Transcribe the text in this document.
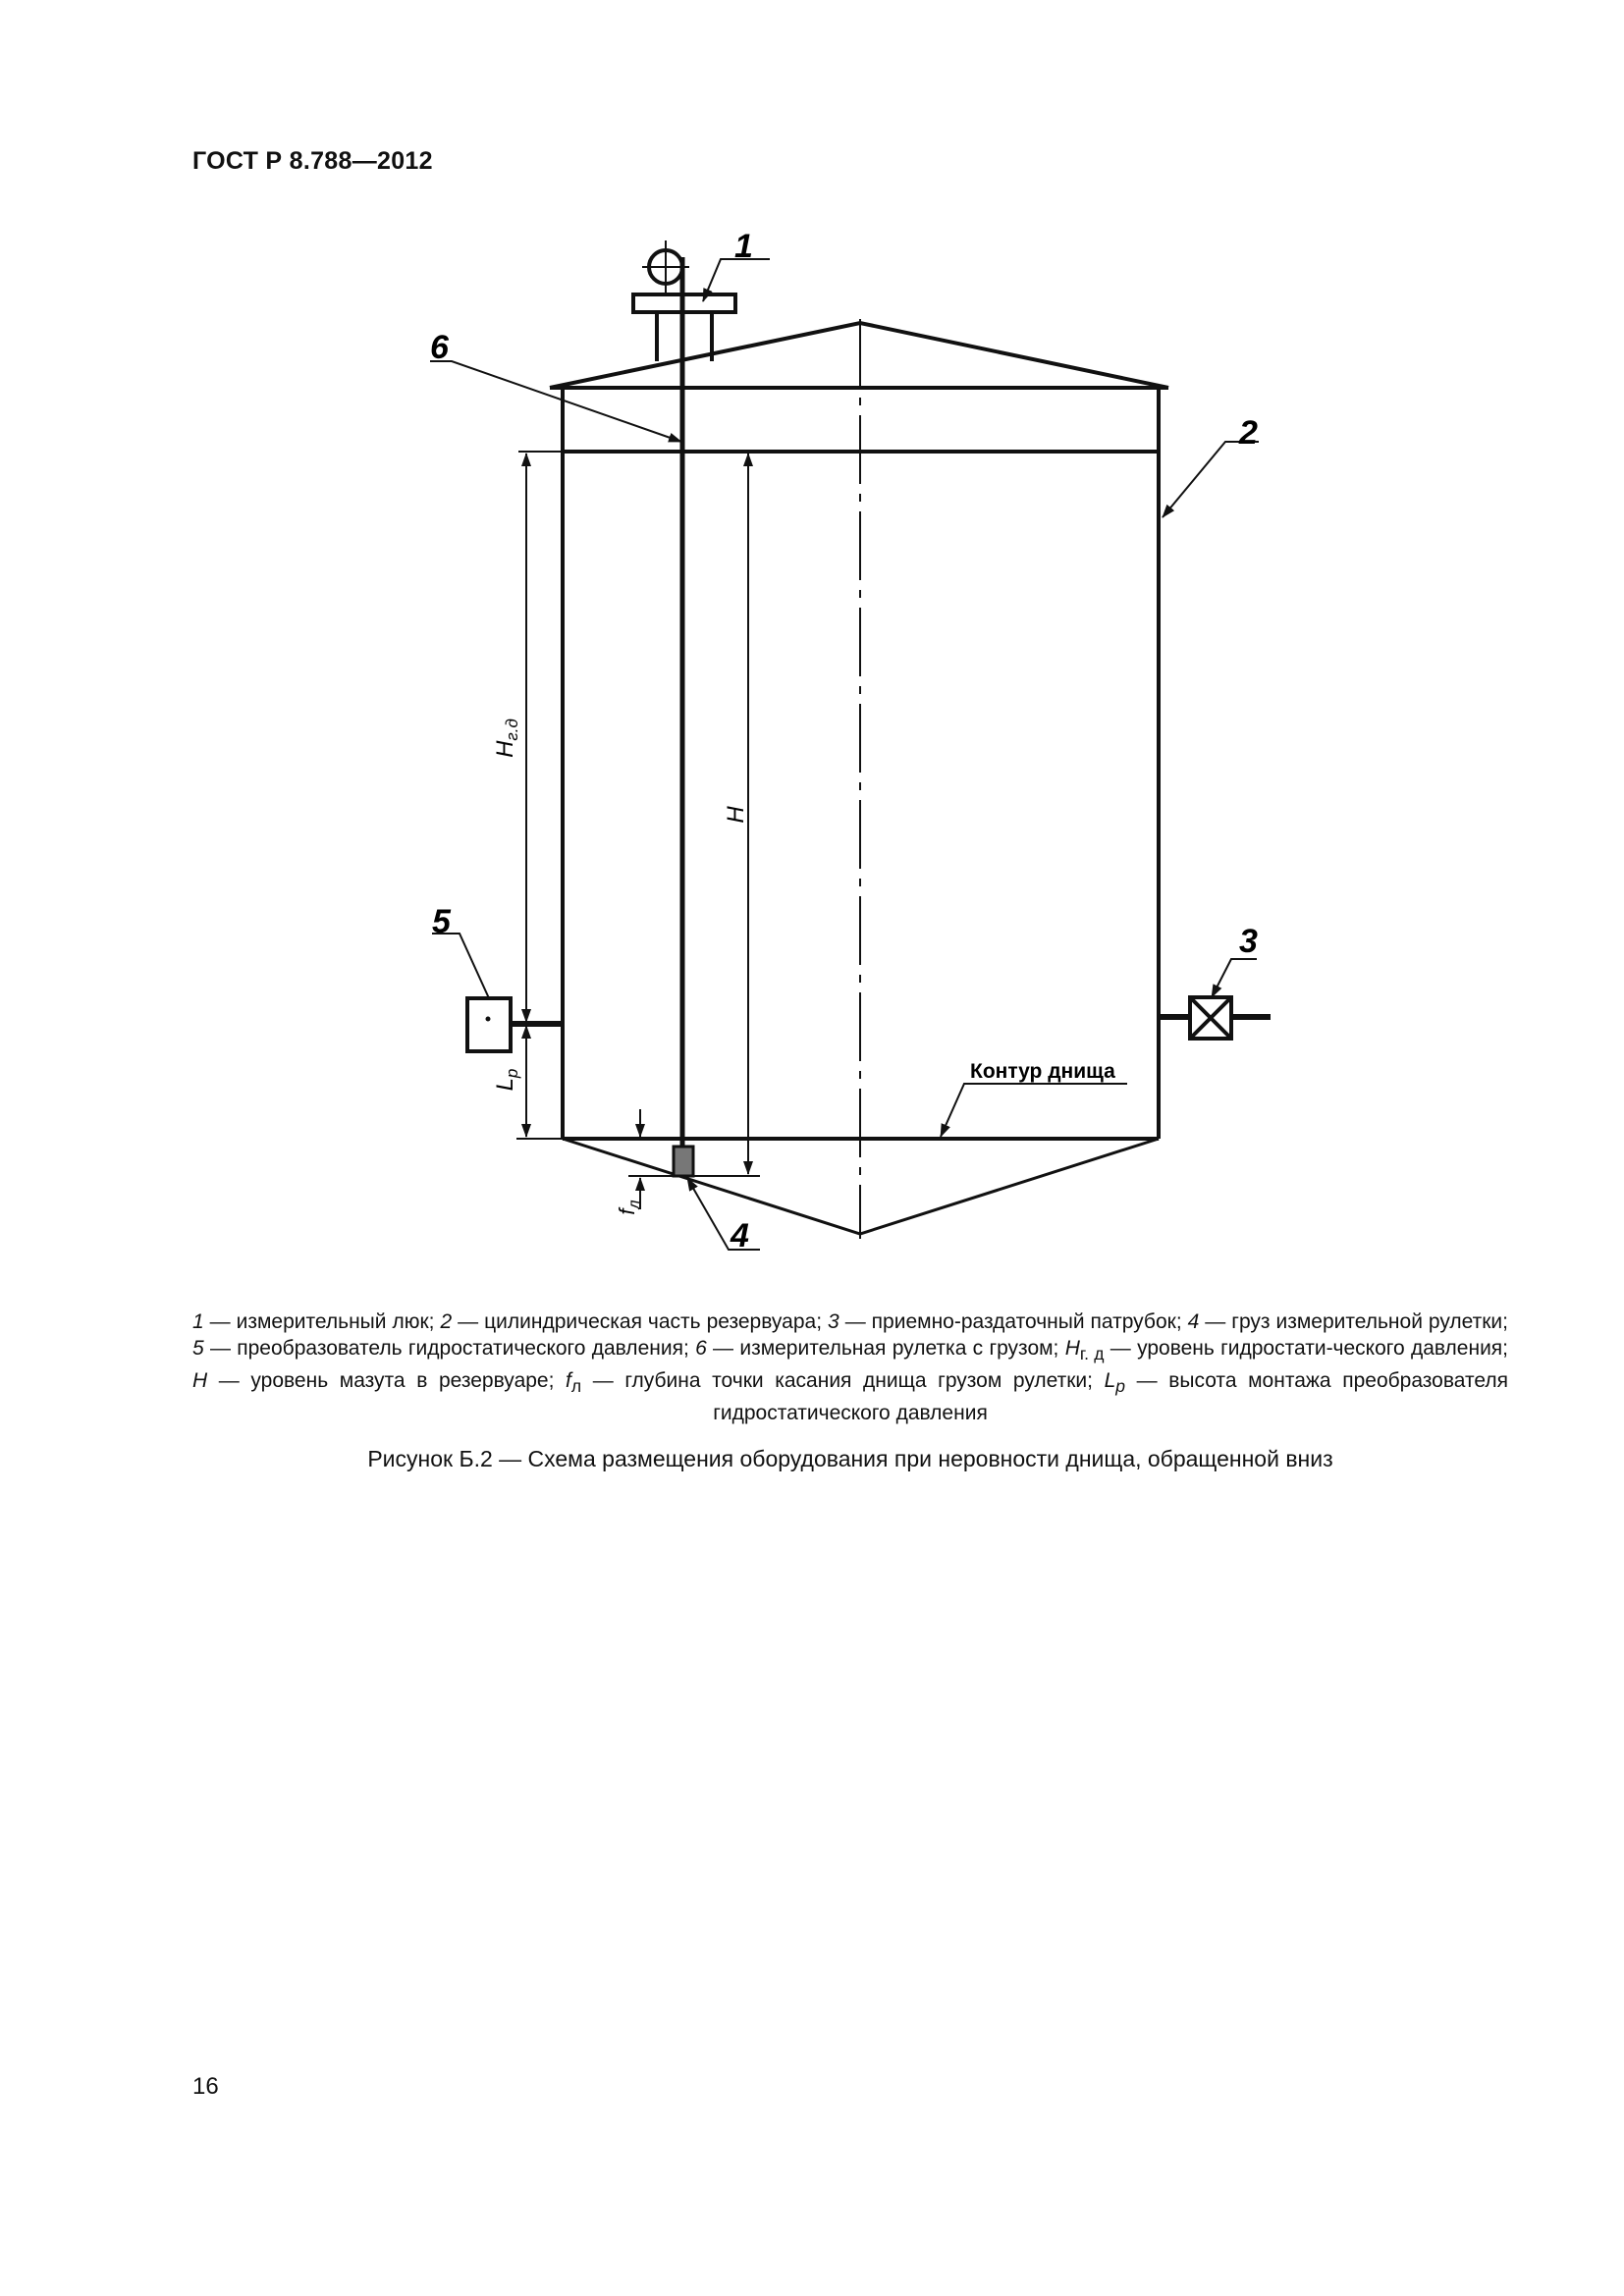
ГОСТ Р 8.788—2012
1
6
2
3
5
4
Контур днища
$H_{г.д}$
H
$L_р$
$f_л$
1 — измерительный люк; 2 — цилиндрическая часть резервуара; 3 — приемно-раздаточный патрубок; 4 — груз измерительной рулетки; 5 — преобразователь гидростатического давления; 6 — измерительная рулетка с грузом; $H_{г. д}$ — уровень гидростати-ческого давления; H — уровень мазута в резервуаре; $f_л$ — глубина точки касания днища грузом рулетки; $L_р$ — высота монтажа преобразователя гидростатического давления
Рисунок Б.2 — Схема размещения оборудования при неровности днища, обращенной вниз
16
